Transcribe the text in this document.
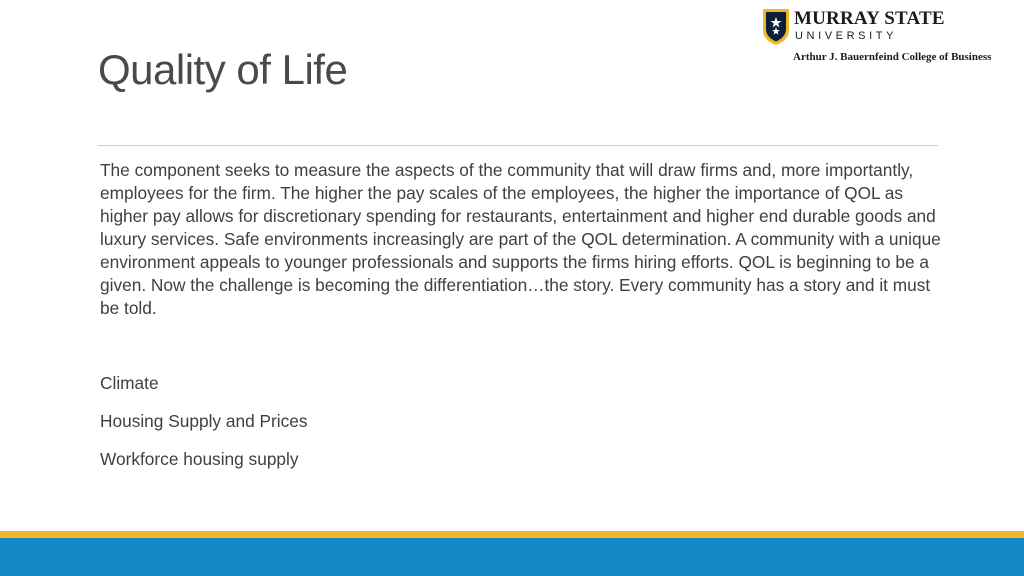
Quality of Life
MURRAY STATE
UNIVERSITY
Arthur J. Bauernfeind College of Business

The component seeks to measure the aspects of the community that will draw firms and, more importantly, employees for the firm. The higher the pay scales of the employees, the higher the importance of QOL as higher pay allows for discretionary spending for restaurants, entertainment and higher end durable goods and luxury services. Safe environments increasingly are part of the QOL determination. A community with a unique environment appeals to younger professionals and supports the firms hiring efforts. QOL is beginning to be a given. Now the challenge is becoming the differentiation…the story. Every community has a story and it must be told.

Climate
Housing Supply and Prices
Workforce housing supply
